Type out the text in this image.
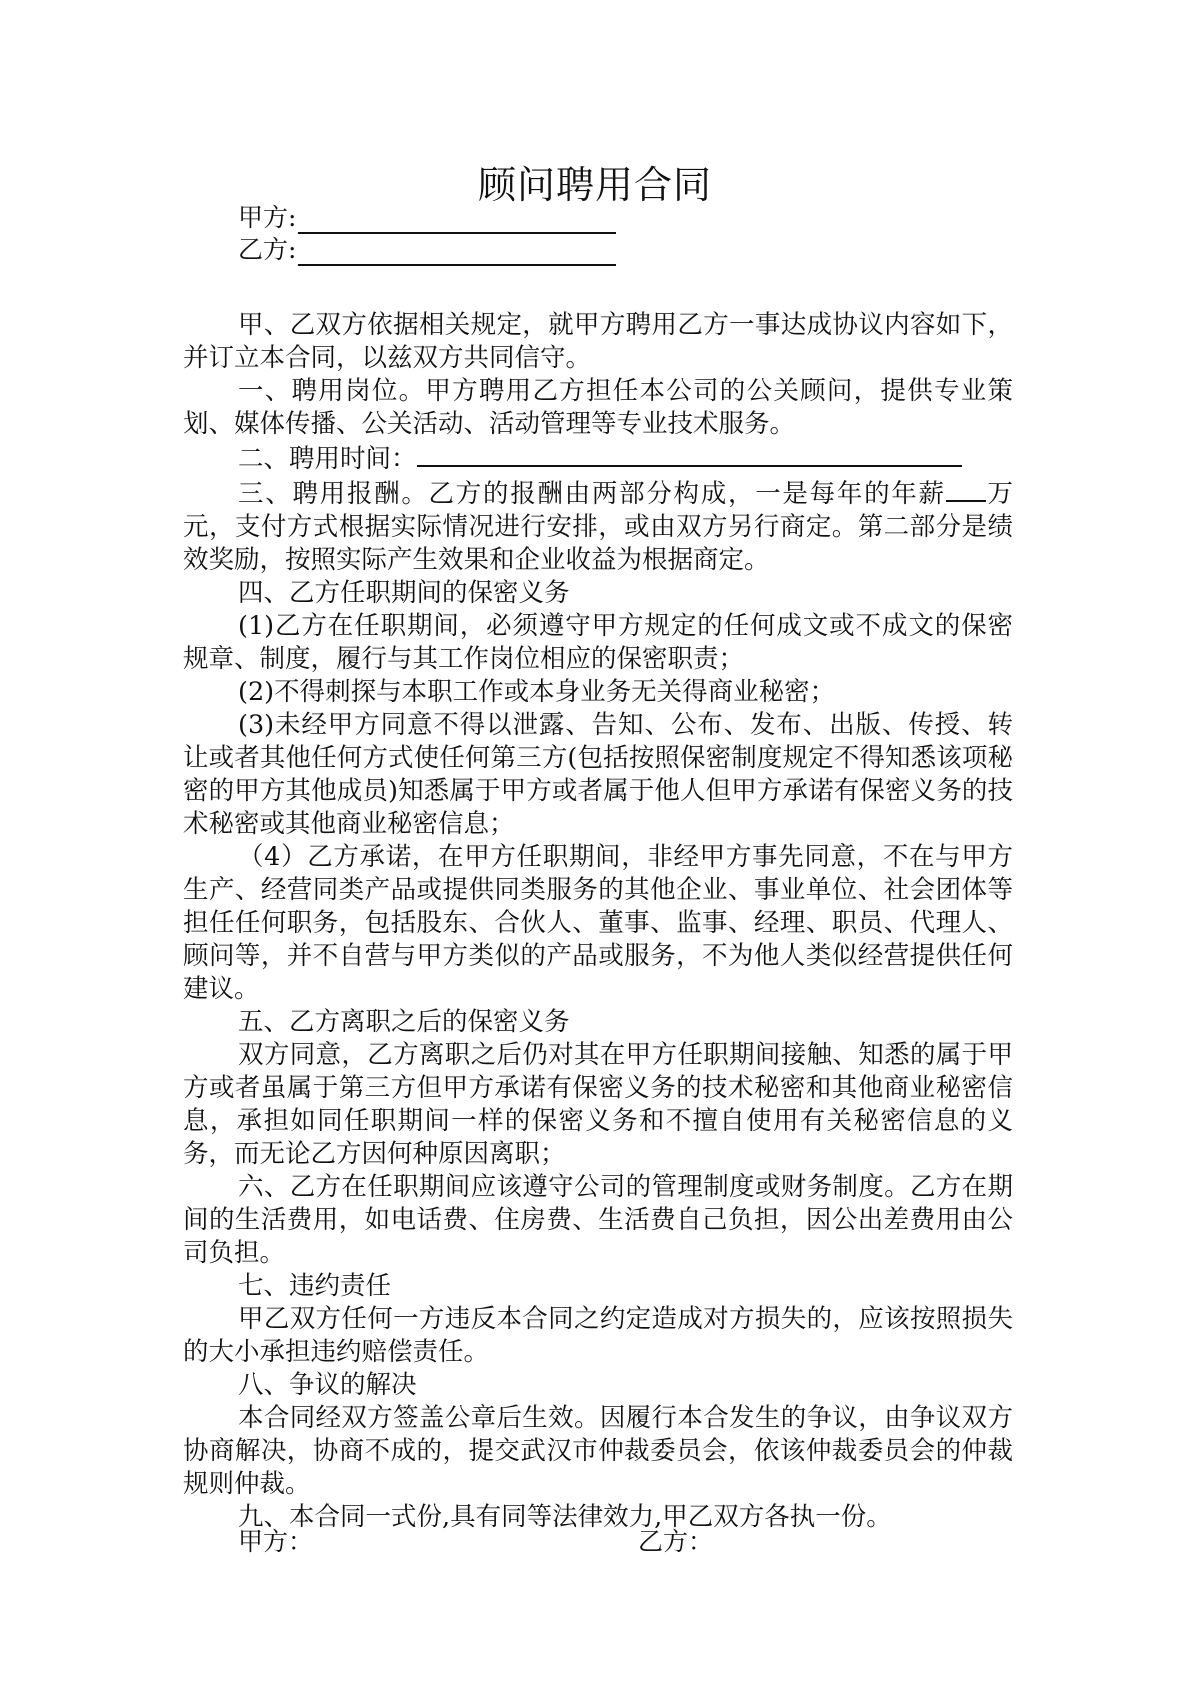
顾问聘用合同
甲方:
乙方:

甲、乙双方依据相关规定，就甲方聘用乙方一事达成协议内容如下，并订立本合同，以兹双方共同信守。

一、聘用岗位。甲方聘用乙方担任本公司的公关顾问，提供专业策划、媒体传播、公关活动、活动管理等专业技术服务。

二、聘用时间：

三、聘用报酬。乙方的报酬由两部分构成，一是每年的年薪 万元，支付方式根据实际情况进行安排，或由双方另行商定。第二部分是绩效奖励，按照实际产生效果和企业收益为根据商定。

四、乙方任职期间的保密义务

(1)乙方在任职期间，必须遵守甲方规定的任何成文或不成文的保密规章、制度，履行与其工作岗位相应的保密职责；

(2)不得刺探与本职工作或本身业务无关得商业秘密；

(3)未经甲方同意不得以泄露、告知、公布、发布、出版、传授、转让或者其他任何方式使任何第三方(包括按照保密制度规定不得知悉该项秘密的甲方其他成员)知悉属于甲方或者属于他人但甲方承诺有保密义务的技术秘密或其他商业秘密信息；

（4）乙方承诺，在甲方任职期间，非经甲方事先同意，不在与甲方生产、经营同类产品或提供同类服务的其他企业、事业单位、社会团体等担任任何职务，包括股东、合伙人、董事、监事、经理、职员、代理人、顾问等，并不自营与甲方类似的产品或服务，不为他人类似经营提供任何建议。

五、乙方离职之后的保密义务

双方同意，乙方离职之后仍对其在甲方任职期间接触、知悉的属于甲方或者虽属于第三方但甲方承诺有保密义务的技术秘密和其他商业秘密信息，承担如同任职期间一样的保密义务和不擅自使用有关秘密信息的义务，而无论乙方因何种原因离职；

六、乙方在任职期间应该遵守公司的管理制度或财务制度。乙方在期间的生活费用，如电话费、住房费、生活费自己负担，因公出差费用由公司负担。

七、违约责任

甲乙双方任何一方违反本合同之约定造成对方损失的，应该按照损失的大小承担违约赔偿责任。

八、争议的解决

本合同经双方签盖公章后生效。因履行本合发生的争议，由争议双方协商解决，协商不成的，提交武汉市仲裁委员会，依该仲裁委员会的仲裁规则仲裁。

九、本合同一式份,具有同等法律效力,甲乙双方各执一份。

甲方：	乙方：
